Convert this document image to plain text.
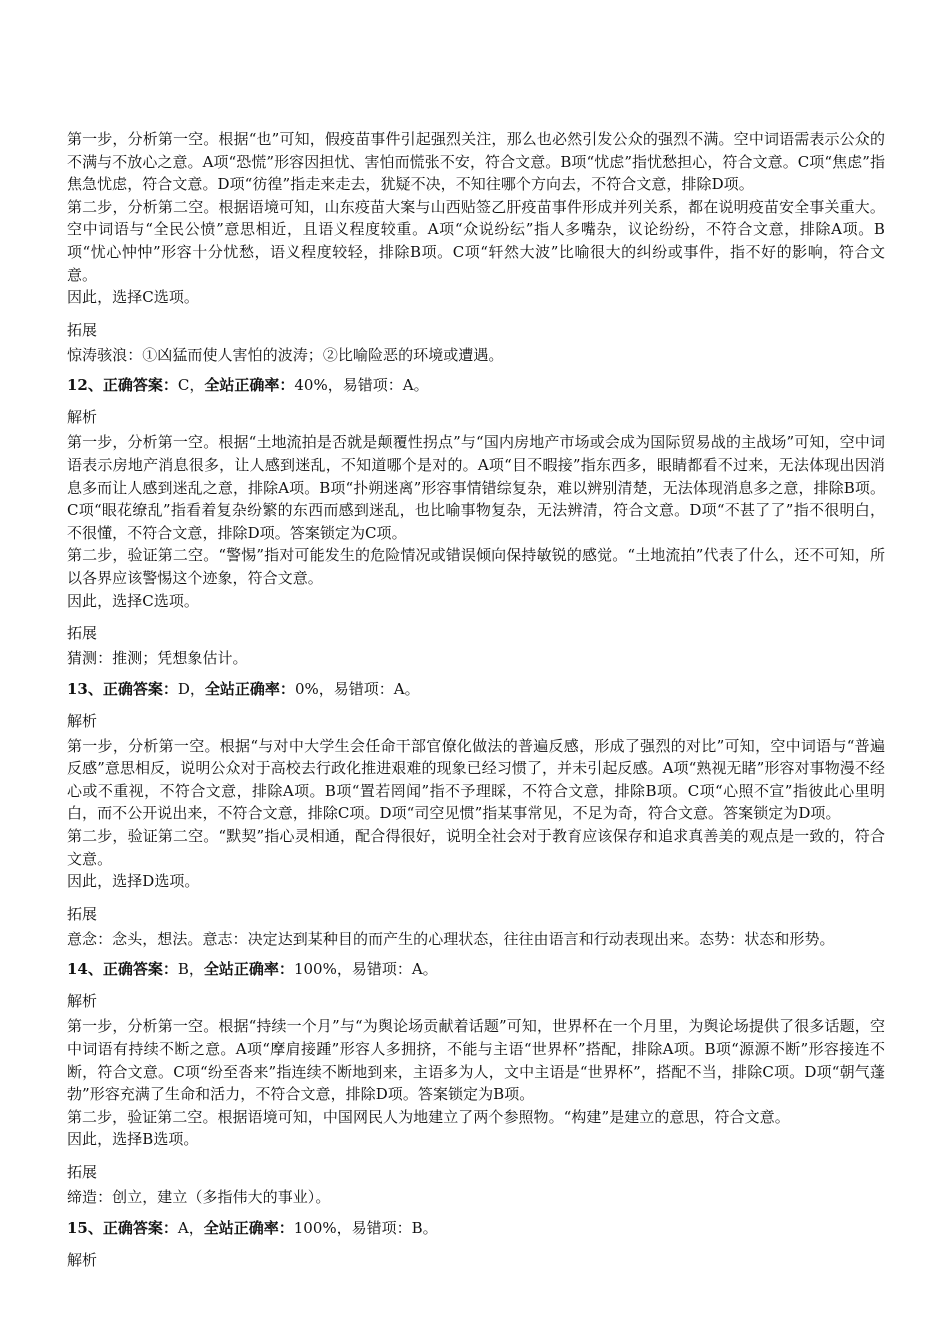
第一步，分析第一空。根据“也”可知，假疫苗事件引起强烈关注，那么也必然引发公众的强烈不满。空中词语需表示公众的不满与不放心之意。A项“恐慌”形容因担忧、害怕而慌张不安，符合文意。B项“忧虑”指忧愁担心，符合文意。C项“焦虑”指焦急忧虑，符合文意。D项“彷徨”指走来走去，犹疑不决，不知往哪个方向去，不符合文意，排除D项。

第二步，分析第二空。根据语境可知，山东疫苗大案与山西贴签乙肝疫苗事件形成并列关系，都在说明疫苗安全事关重大。空中词语与“全民公愤”意思相近，且语义程度较重。A项“众说纷纭”指人多嘴杂，议论纷纷，不符合文意，排除A项。B项“忧心忡忡”形容十分忧愁，语义程度较轻，排除B项。C项“轩然大波”比喻很大的纠纷或事件，指不好的影响，符合文意。

因此，选择C选项。

拓展

惊涛骇浪：①凶猛而使人害怕的波涛；②比喻险恶的环境或遭遇。

12、正确答案：C，全站正确率：40%，易错项：A。

解析

第一步，分析第一空。根据“土地流拍是否就是颠覆性拐点”与“国内房地产市场或会成为国际贸易战的主战场”可知，空中词语表示房地产消息很多，让人感到迷乱，不知道哪个是对的。A项“目不暇接”指东西多，眼睛都看不过来，无法体现出因消息多而让人感到迷乱之意，排除A项。B项“扑朔迷离”形容事情错综复杂，难以辨别清楚，无法体现消息多之意，排除B项。C项“眼花缭乱”指看着复杂纷繁的东西而感到迷乱，也比喻事物复杂，无法辨清，符合文意。D项“不甚了了”指不很明白，不很懂，不符合文意，排除D项。答案锁定为C项。

第二步，验证第二空。“警惕”指对可能发生的危险情况或错误倾向保持敏锐的感觉。“土地流拍”代表了什么，还不可知，所以各界应该警惕这个迹象，符合文意。

因此，选择C选项。

拓展

猜测：推测；凭想象估计。

13、正确答案：D，全站正确率：0%，易错项：A。

解析

第一步，分析第一空。根据“与对中大学生会任命干部官僚化做法的普遍反感，形成了强烈的对比”可知，空中词语与“普遍反感”意思相反，说明公众对于高校去行政化推进艰难的现象已经习惯了，并未引起反感。A项“熟视无睹”形容对事物漫不经心或不重视，不符合文意，排除A项。B项“置若罔闻”指不予理睬，不符合文意，排除B项。C项“心照不宣”指彼此心里明白，而不公开说出来，不符合文意，排除C项。D项“司空见惯”指某事常见，不足为奇，符合文意。答案锁定为D项。

第二步，验证第二空。“默契”指心灵相通，配合得很好，说明全社会对于教育应该保存和追求真善美的观点是一致的，符合文意。

因此，选择D选项。

拓展

意念：念头，想法。意志：决定达到某种目的而产生的心理状态，往往由语言和行动表现出来。态势：状态和形势。

14、正确答案：B，全站正确率：100%，易错项：A。

解析

第一步，分析第一空。根据“持续一个月”与“为舆论场贡献着话题”可知，世界杯在一个月里，为舆论场提供了很多话题，空中词语有持续不断之意。A项“摩肩接踵”形容人多拥挤，不能与主语“世界杯”搭配，排除A项。B项“源源不断”形容接连不断，符合文意。C项“纷至沓来”指连续不断地到来，主语多为人，文中主语是“世界杯”，搭配不当，排除C项。D项“朝气蓬勃”形容充满了生命和活力，不符合文意，排除D项。答案锁定为B项。

第二步，验证第二空。根据语境可知，中国网民人为地建立了两个参照物。“构建”是建立的意思，符合文意。

因此，选择B选项。

拓展

缔造：创立，建立（多指伟大的事业）。

15、正确答案：A，全站正确率：100%，易错项：B。

解析
